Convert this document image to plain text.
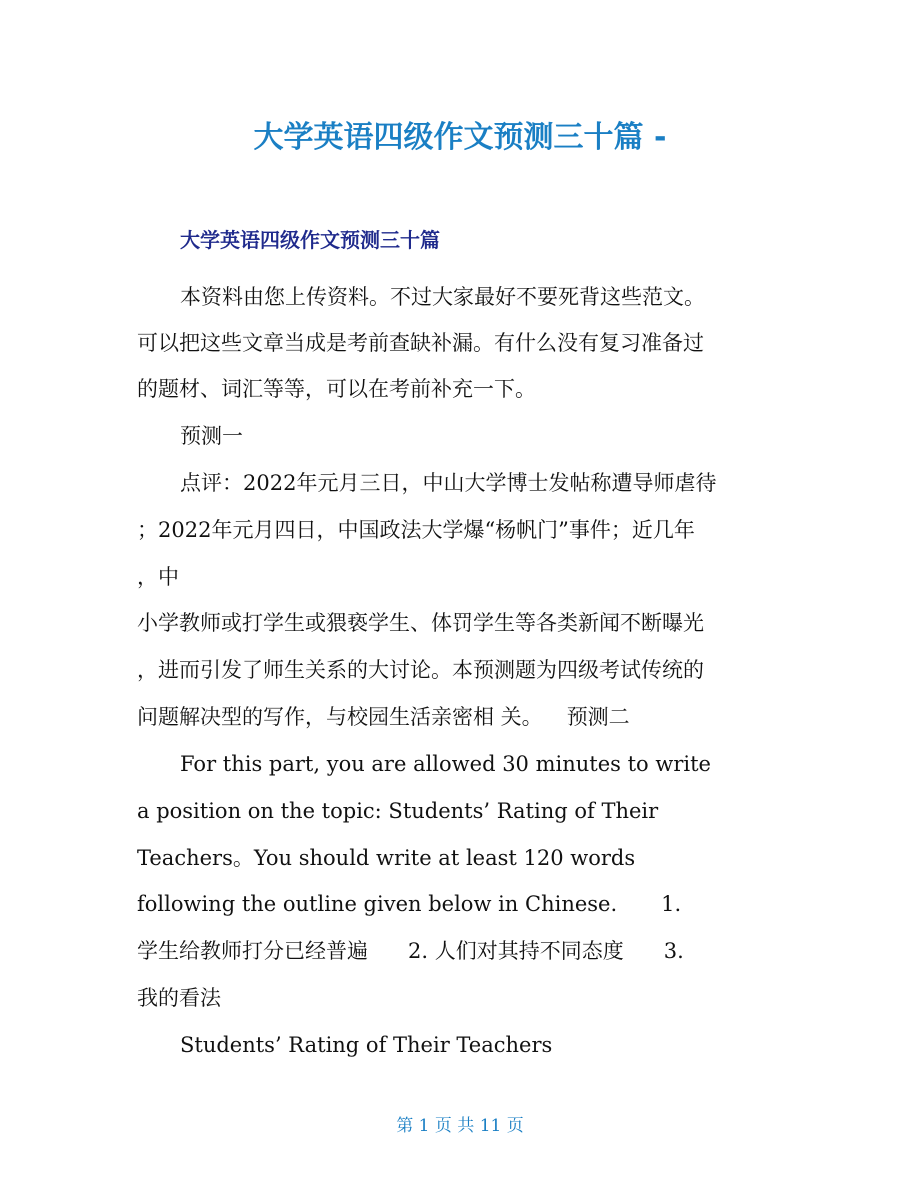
大学英语四级作文预测三十篇 -
大学英语四级作文预测三十篇
本资料由您上传资料。不过大家最好不要死背这些范文。
可以把这些文章当成是考前查缺补漏。有什么没有复习准备过
的题材、词汇等等，可以在考前补充一下。
预测一
点评：2022年元月三日，中山大学博士发帖称遭导师虐待
；2022年元月四日，中国政法大学爆“杨帆门”事件；近几年
，中
小学教师或打学生或猥亵学生、体罚学生等各类新闻不断曝光
，进而引发了师生关系的大讨论。本预测题为四级考试传统的
问题解决型的写作，与校园生活亲密相 关。 预测二
For this part, you are allowed 30 minutes to write
a position on the topic: Students’ Rating of Their
Teachers。You should write at least 120 words
following the outline given below in Chinese. 1.
学生给教师打分已经普遍 2. 人们对其持不同态度 3.
我的看法
Students’ Rating of Their Teachers
第 1 页 共 11 页
